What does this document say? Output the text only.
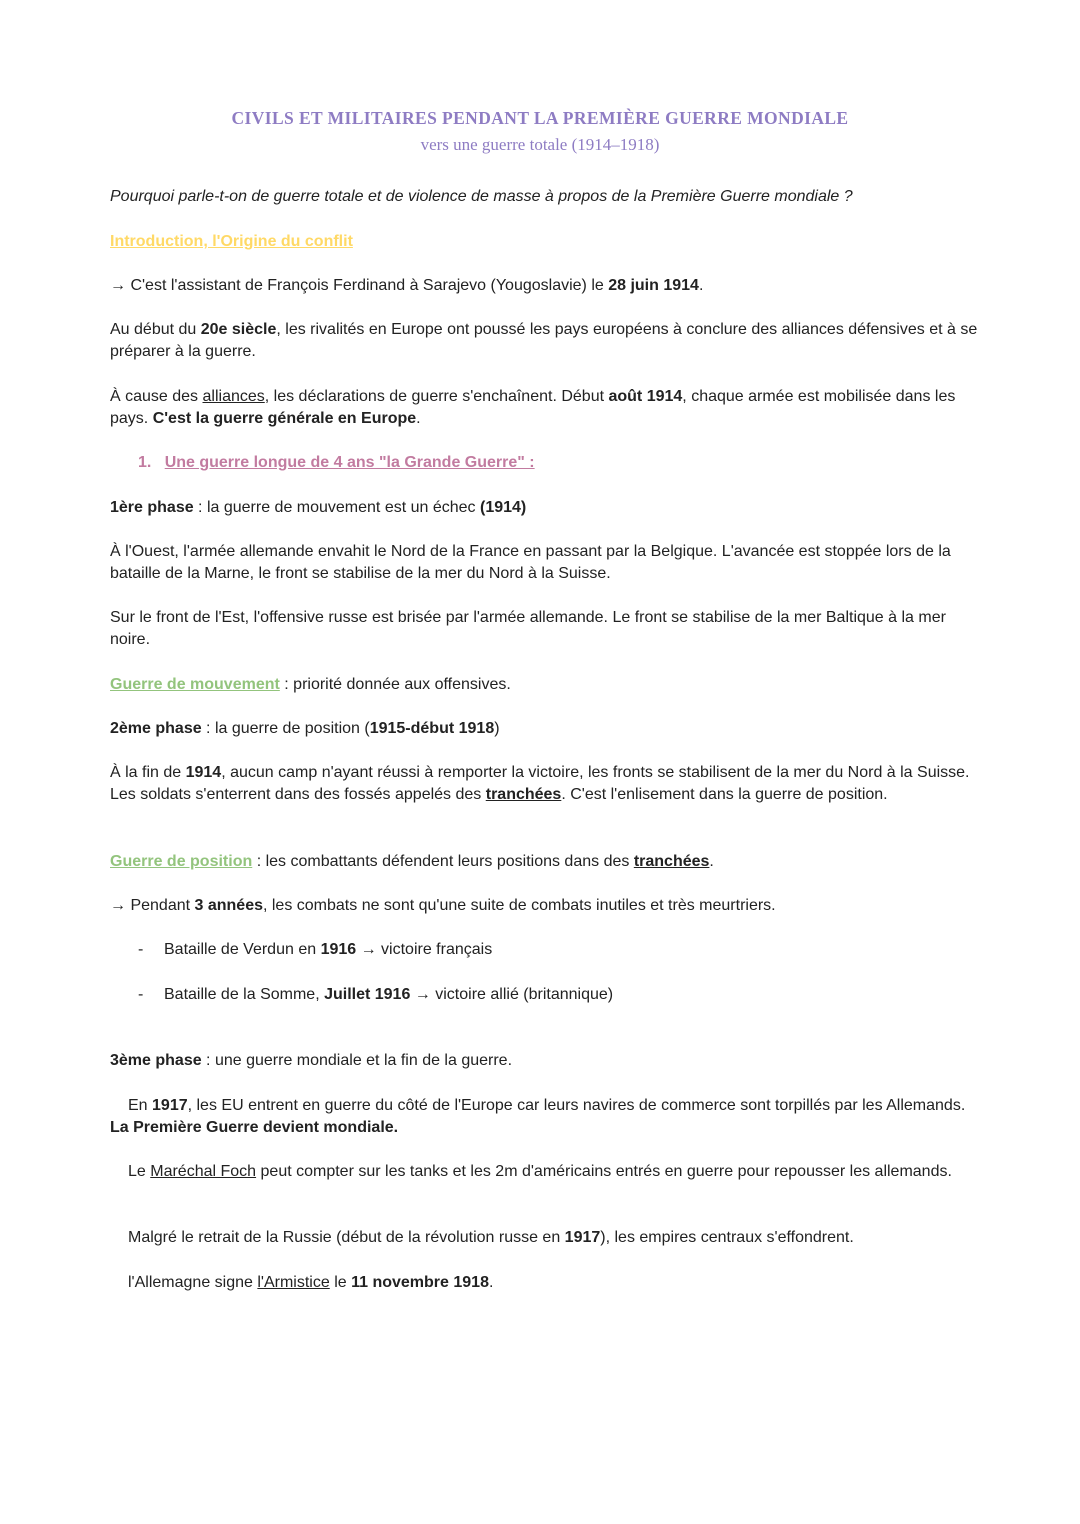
CIVILS ET MILITAIRES PENDANT LA PREMIÈRE GUERRE MONDIALE
vers une guerre totale (1914–1918)
Pourquoi parle-t-on de guerre totale et de violence de masse à propos de la Première Guerre mondiale ?
Introduction, l'Origine du conflit
→ C'est l'assistant de François Ferdinand à Sarajevo (Yougoslavie) le 28 juin 1914.
Au début du 20e siècle, les rivalités en Europe ont poussé les pays européens à conclure des alliances défensives et à se préparer à la guerre.
À cause des alliances, les déclarations de guerre s'enchaînent. Début août 1914, chaque armée est mobilisée dans les pays. C'est la guerre générale en Europe.
1. Une guerre longue de 4 ans "la Grande Guerre" :
1ère phase : la guerre de mouvement est un échec (1914)
À l'Ouest, l'armée allemande envahit le Nord de la France en passant par la Belgique. L'avancée est stoppée lors de la bataille de la Marne, le front se stabilise de la mer du Nord à la Suisse.
Sur le front de l'Est, l'offensive russe est brisée par l'armée allemande. Le front se stabilise de la mer Baltique à la mer noire.
Guerre de mouvement : priorité donnée aux offensives.
2ème phase : la guerre de position (1915-début 1918)
À la fin de 1914, aucun camp n'ayant réussi à remporter la victoire, les fronts se stabilisent de la mer du Nord à la Suisse. Les soldats s'enterrent dans des fossés appelés des tranchées. C'est l'enlisement dans la guerre de position.
Guerre de position : les combattants défendent leurs positions dans des tranchées.
→ Pendant 3 années, les combats ne sont qu'une suite de combats inutiles et très meurtriers.
- Bataille de Verdun en 1916 → victoire français
- Bataille de la Somme, Juillet 1916 → victoire allié (britannique)
3ème phase : une guerre mondiale et la fin de la guerre.
En 1917, les EU entrent en guerre du côté de l'Europe car leurs navires de commerce sont torpillés par les Allemands. La Première Guerre devient mondiale.
Le Maréchal Foch peut compter sur les tanks et les 2m d'américains entrés en guerre pour repousser les allemands.
Malgré le retrait de la Russie (début de la révolution russe en 1917), les empires centraux s'effondrent.
l'Allemagne signe l'Armistice le 11 novembre 1918.
